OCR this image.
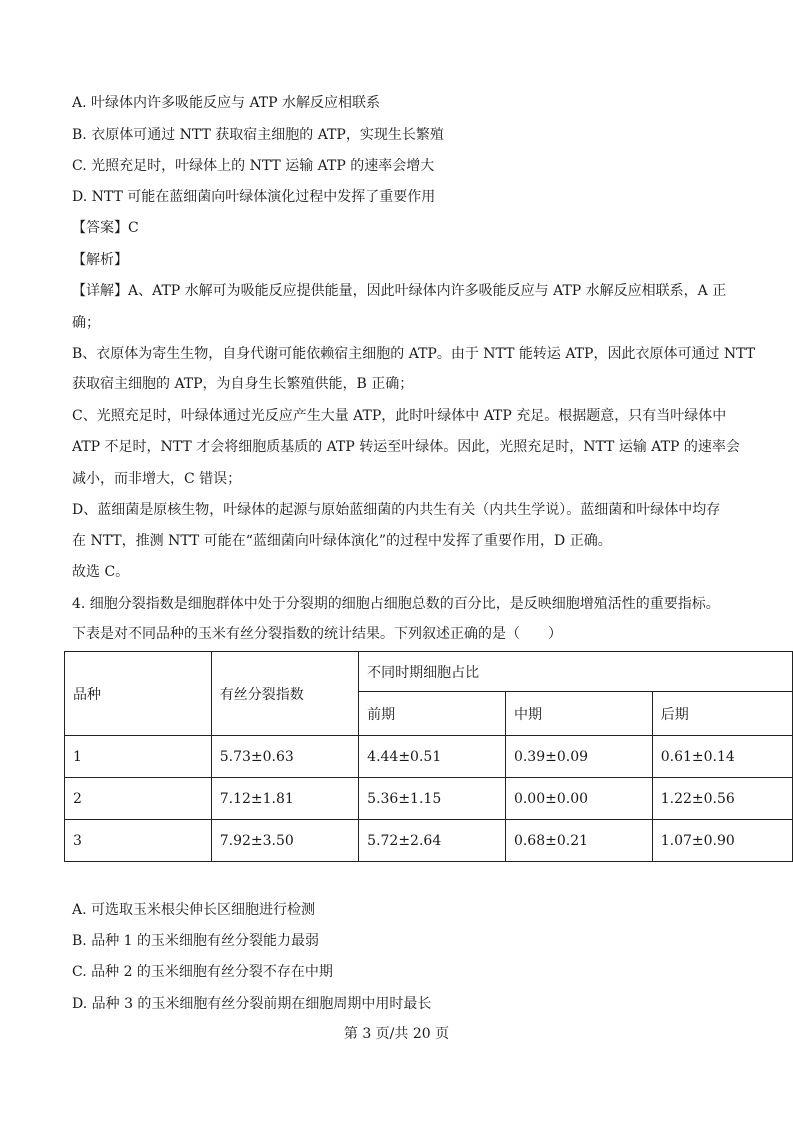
A. 叶绿体内许多吸能反应与 ATP 水解反应相联系
B. 衣原体可通过 NTT 获取宿主细胞的 ATP，实现生长繁殖
C. 光照充足时，叶绿体上的 NTT 运输 ATP 的速率会增大
D. NTT 可能在蓝细菌向叶绿体演化过程中发挥了重要作用
【答案】C
【解析】
【详解】A、ATP 水解可为吸能反应提供能量，因此叶绿体内许多吸能反应与 ATP 水解反应相联系，A 正
确；
B、衣原体为寄生生物，自身代谢可能依赖宿主细胞的 ATP。由于 NTT 能转运 ATP，因此衣原体可通过 NTT
获取宿主细胞的 ATP，为自身生长繁殖供能，B 正确；
C、光照充足时，叶绿体通过光反应产生大量 ATP，此时叶绿体中 ATP 充足。根据题意，只有当叶绿体中
ATP 不足时，NTT 才会将细胞质基质的 ATP 转运至叶绿体。因此，光照充足时，NTT 运输 ATP 的速率会
减小，而非增大，C 错误；
D、蓝细菌是原核生物，叶绿体的起源与原始蓝细菌的内共生有关（内共生学说）。蓝细菌和叶绿体中均存
在 NTT，推测 NTT 可能在“蓝细菌向叶绿体演化”的过程中发挥了重要作用，D 正确。
故选 C。
4. 细胞分裂指数是细胞群体中处于分裂期的细胞占细胞总数的百分比，是反映细胞增殖活性的重要指标。
下表是对不同品种的玉米有丝分裂指数的统计结果。下列叙述正确的是（　　）
品种	有丝分裂指数	不同时期细胞占比		
		前期	中期	后期
1	5.73±0.63	4.44±0.51	0.39±0.09	0.61±0.14
2	7.12±1.81	5.36±1.15	0.00±0.00	1.22±0.56
3	7.92±3.50	5.72±2.64	0.68±0.21	1.07±0.90
A. 可选取玉米根尖伸长区细胞进行检测
B. 品种 1 的玉米细胞有丝分裂能力最弱
C. 品种 2 的玉米细胞有丝分裂不存在中期
D. 品种 3 的玉米细胞有丝分裂前期在细胞周期中用时最长
第 3 页/共 20 页
